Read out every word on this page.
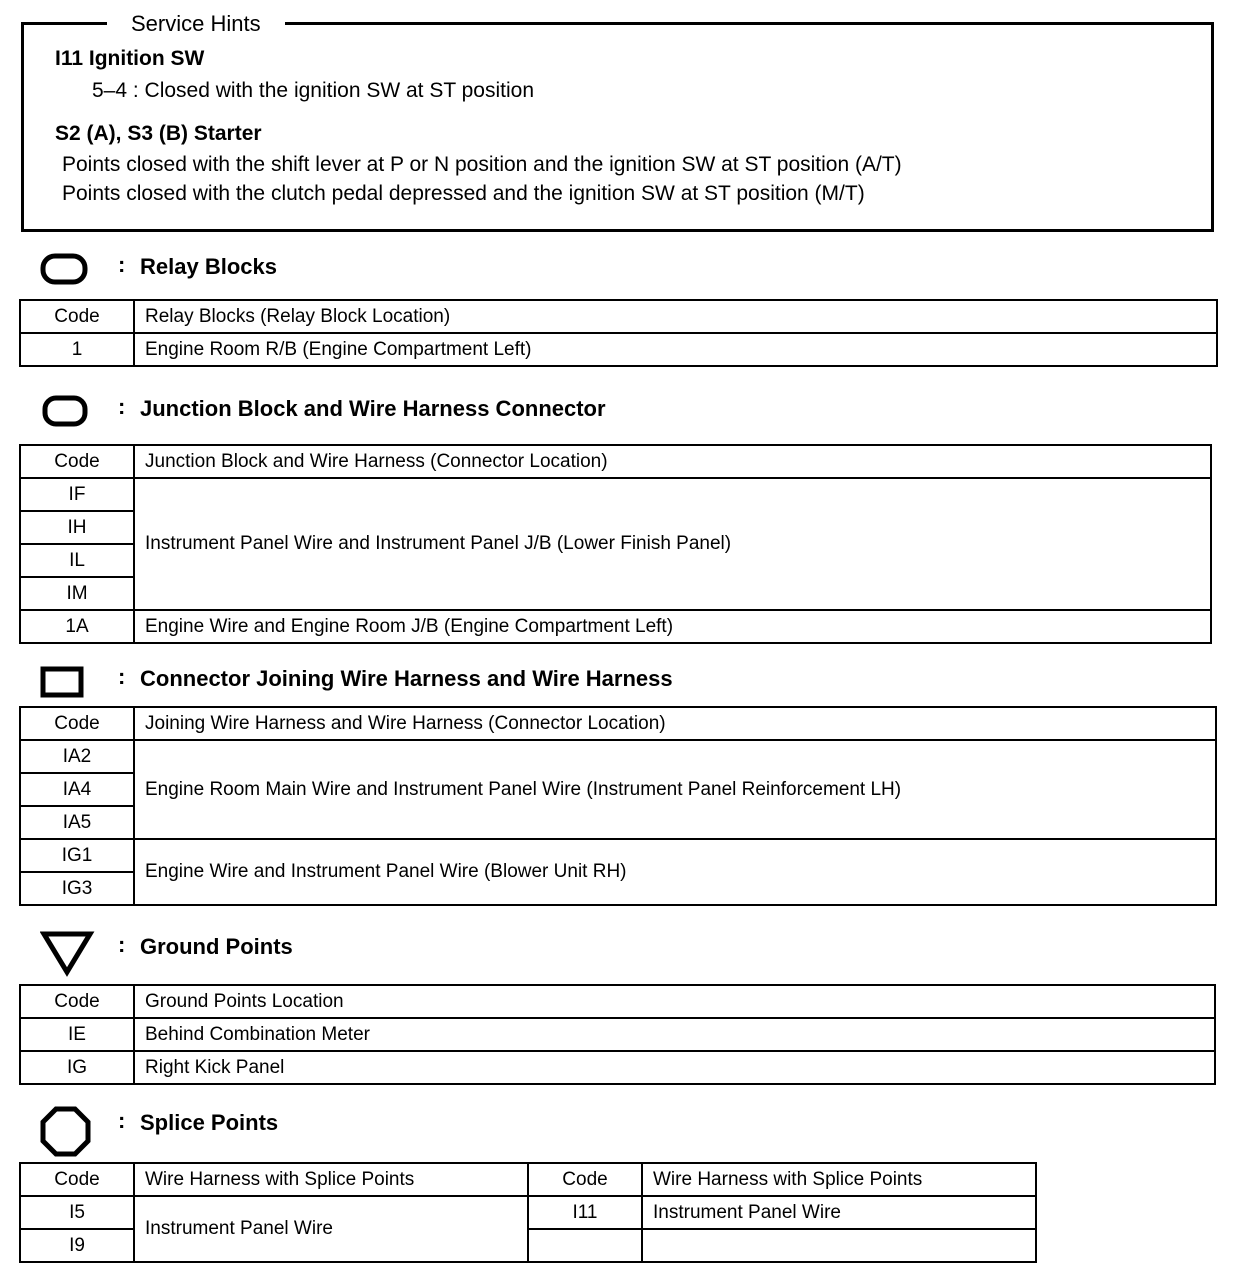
Service Hints
I11 Ignition SW
5–4 : Closed with the ignition SW at ST position
S2 (A), S3 (B) Starter
Points closed with the shift lever at P or N position and the ignition SW at ST position (A/T)
Points closed with the clutch pedal depressed and the ignition SW at ST position (M/T)
: Relay Blocks
Code	Relay Blocks (Relay Block Location)
1	Engine Room R/B (Engine Compartment Left)
: Junction Block and Wire Harness Connector
Code	Junction Block and Wire Harness (Connector Location)
IF	Instrument Panel Wire and Instrument Panel J/B (Lower Finish Panel)
IH	
IL	
IM	
1A	Engine Wire and Engine Room J/B (Engine Compartment Left)
: Connector Joining Wire Harness and Wire Harness
Code	Joining Wire Harness and Wire Harness (Connector Location)
IA2	Engine Room Main Wire and Instrument Panel Wire (Instrument Panel Reinforcement LH)
IA4	
IA5	
IG1	Engine Wire and Instrument Panel Wire (Blower Unit RH)
IG3	
: Ground Points
Code	Ground Points Location
IE	Behind Combination Meter
IG	Right Kick Panel
: Splice Points
Code	Wire Harness with Splice Points	Code	Wire Harness with Splice Points
I5	Instrument Panel Wire	I11	Instrument Panel Wire
I9			
